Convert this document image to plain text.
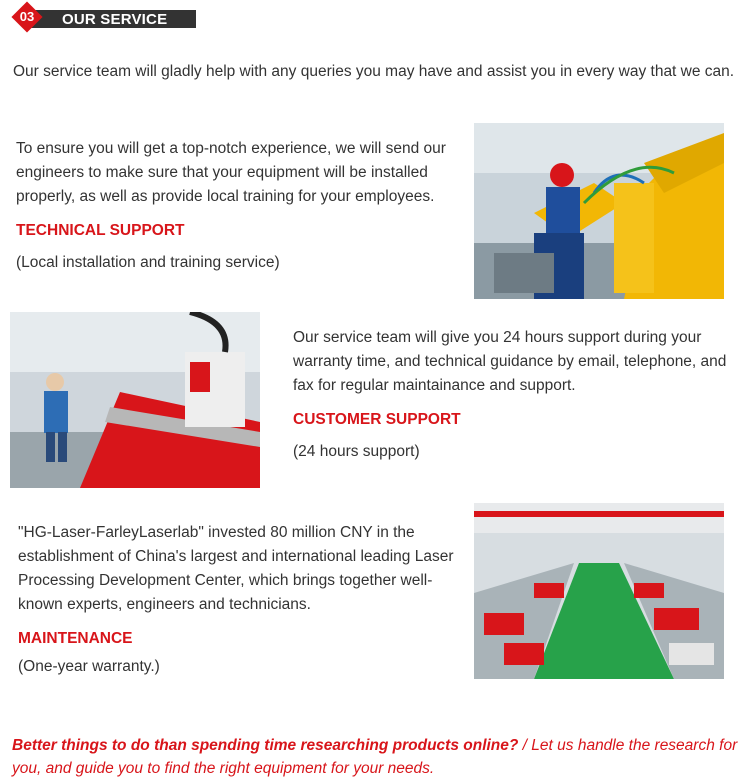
03	OUR SERVICE
Our service team will gladly help with any queries you may have and assist you in every way that we can.
To ensure you will get a top-notch experience, we will send our engineers to make sure that your equipment will be installed properly, as well as provide local training for your employees.
TECHNICAL SUPPORT
(Local installation and training service)
Our service team will give you 24 hours support during your warranty time, and technical guidance by email, telephone, and fax for regular maintainance and support.
CUSTOMER SUPPORT
(24 hours support)
"HG-Laser-FarleyLaserlab" invested 80 million CNY in the establishment of China's largest and international leading Laser Processing Development Center, which brings together well-known experts, engineers and technicians.
MAINTENANCE
(One-year warranty.)
Better things to do than spending time researching products online? / Let us handle the research for you, and guide you to find the right equipment for your needs.
